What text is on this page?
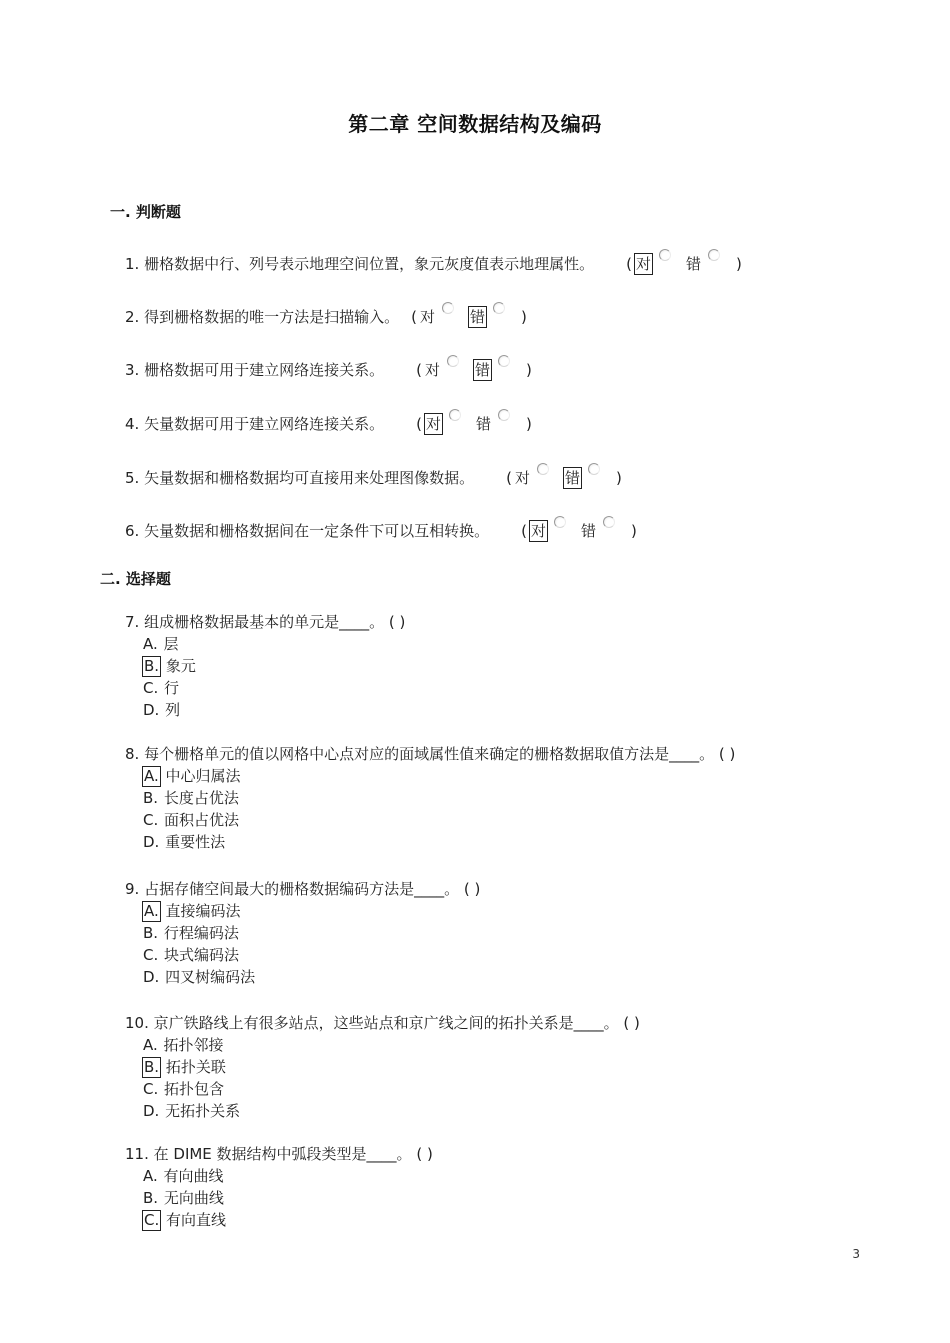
第二章 空间数据结构及编码
一. 判断题
1. 栅格数据中行、列号表示地理空间位置，象元灰度值表示地理属性。 ( 对 错 )
2. 得到栅格数据的唯一方法是扫描输入。 ( 对 错 )
3. 栅格数据可用于建立网络连接关系。 ( 对 错 )
4. 矢量数据可用于建立网络连接关系。 ( 对 错 )
5. 矢量数据和栅格数据均可直接用来处理图像数据。 ( 对 错 )
6. 矢量数据和栅格数据间在一定条件下可以互相转换。 ( 对 错 )
二. 选择题
7. 组成栅格数据最基本的单元是____。 ( )
A. 层
B. 象元
C. 行
D. 列
8. 每个栅格单元的值以网格中心点对应的面域属性值来确定的栅格数据取值方法是____。 ( )
A. 中心归属法
B. 长度占优法
C. 面积占优法
D. 重要性法
9. 占据存储空间最大的栅格数据编码方法是____。 ( )
A. 直接编码法
B. 行程编码法
C. 块式编码法
D. 四叉树编码法
10. 京广铁路线上有很多站点，这些站点和京广线之间的拓扑关系是____。 ( )
A. 拓扑邻接
B. 拓扑关联
C. 拓扑包含
D. 无拓扑关系
11. 在 DIME 数据结构中弧段类型是____。 ( )
A. 有向曲线
B. 无向曲线
C. 有向直线
3
